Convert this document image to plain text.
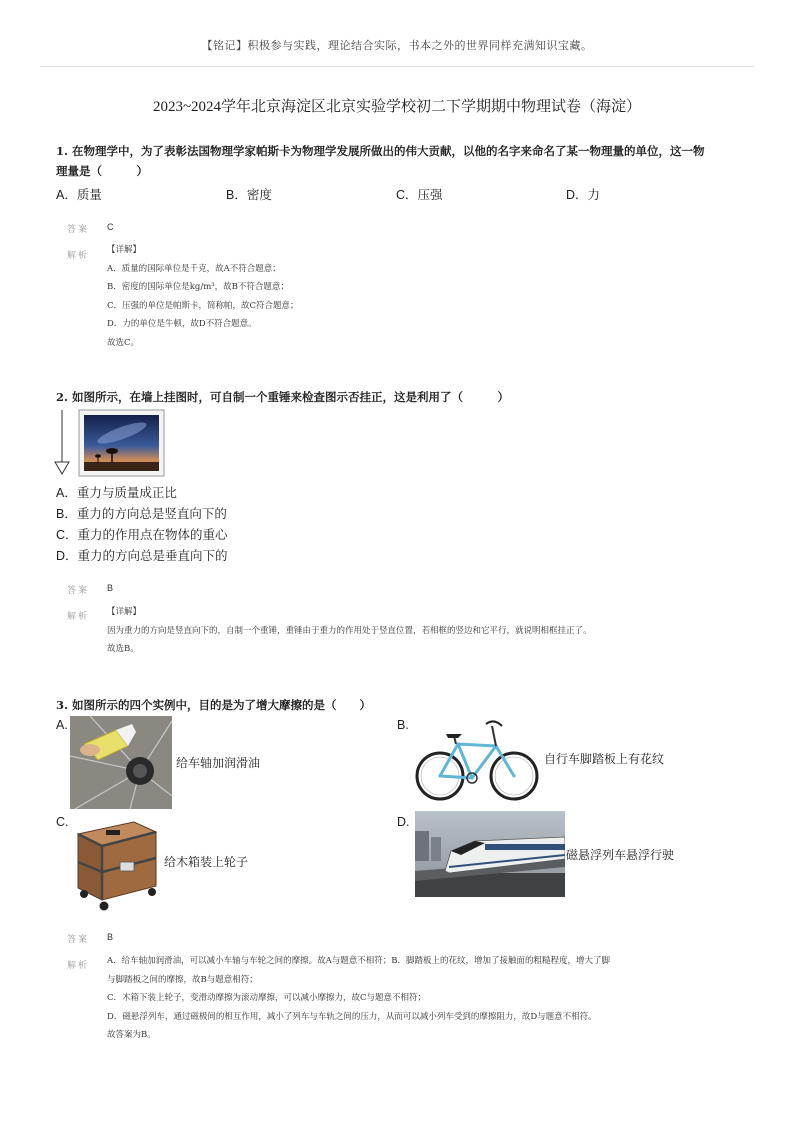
【铭记】积极参与实践，理论结合实际，书本之外的世界同样充满知识宝藏。
2023~2024学年北京海淀区北京实验学校初二下学期期中物理试卷（海淀）
1. 在物理学中，为了表彰法国物理学家帕斯卡为物理学发展所做出的伟大贡献，以他的名字来命名了某一物理量的单位，这一物
理量是（　　　）
A．质量	B．密度	C．压强	D．力
答案 C
解析 【详解】
A．质量的国际单位是千克，故A不符合题意；
B．密度的国际单位是kg/m³，故B不符合题意；
C．压强的单位是帕斯卡，简称帕，故C符合题意；
D．力的单位是牛顿，故D不符合题意。
故选C。
2. 如图所示，在墙上挂图时，可自制一个重锤来检查图示否挂正，这是利用了（　　　）
A．重力与质量成正比
B．重力的方向总是竖直向下的
C．重力的作用点在物体的重心
D．重力的方向总是垂直向下的
答案 B
解析 【详解】
因为重力的方向是竖直向下的，自制一个重锤，重锤由于重力的作用处于竖直位置，若相框的竖边和它平行，就说明相框挂正了。
故选B。
3. 如图所示的四个实例中，目的是为了增大摩擦的是（　　）
A.
给车轴加润滑油
B.
自行车脚踏板上有花纹
C.
给木箱装上轮子
D.
磁悬浮列车悬浮行驶
答案 B
解析 A．给车轴加润滑油，可以减小车轴与车轮之间的摩擦。故A与题意不相符；B．脚踏板上的花纹，增加了接触面的粗糙程度，增大了脚
与脚踏板之间的摩擦，故B与题意相符；
C．木箱下装上轮子，变滑动摩擦为滚动摩擦，可以减小摩擦力，故C与题意不相符；
D．磁悬浮列车，通过磁极间的相互作用，减小了列车与车轨之间的压力，从而可以减小列车受到的摩擦阻力，故D与题意不相符。
故答案为B。
